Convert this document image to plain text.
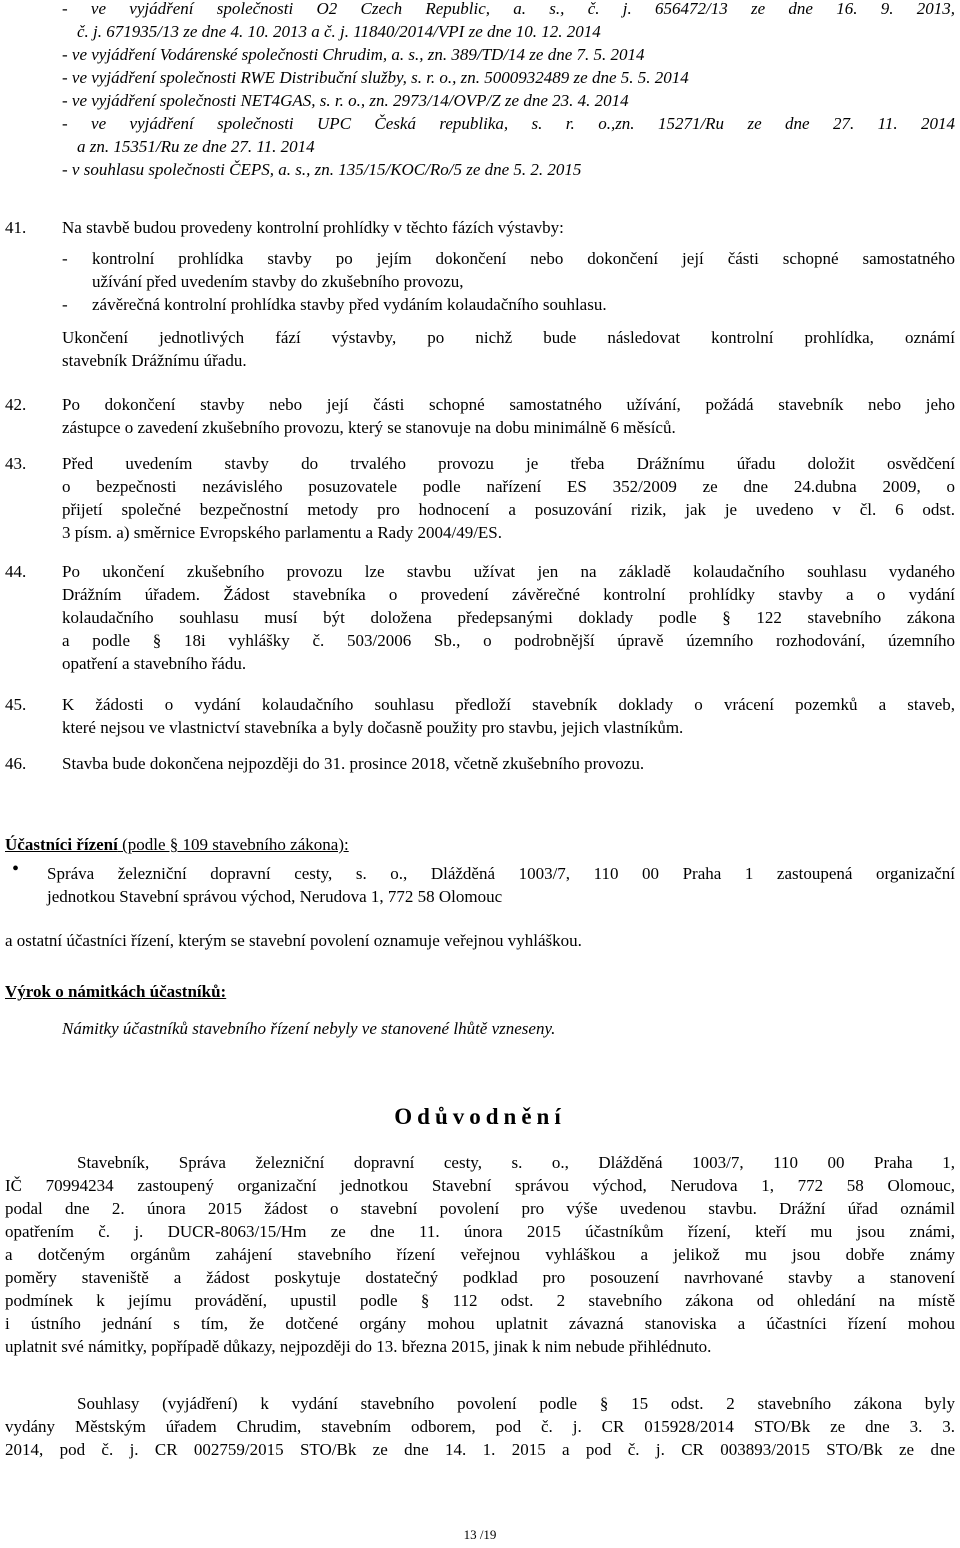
- ve vyjádření společnosti O2 Czech Republic, a. s., č. j. 656472/13 ze dne 16. 9. 2013,
č. j. 671935/13 ze dne 4. 10. 2013 a č. j. 11840/2014/VPI ze dne 10. 12. 2014
- ve vyjádření Vodárenské společnosti Chrudim, a. s., zn. 389/TD/14 ze dne 7. 5. 2014
- ve vyjádření společnosti RWE Distribuční služby, s. r. o., zn. 5000932489 ze dne 5. 5. 2014
- ve vyjádření společnosti NET4GAS, s. r. o., zn. 2973/14/OVP/Z ze dne 23. 4. 2014
- ve vyjádření společnosti UPC Česká republika, s. r. o.,zn. 15271/Ru ze dne 27. 11. 2014
a zn. 15351/Ru ze dne 27. 11. 2014
- v souhlasu společnosti ČEPS, a. s., zn. 135/15/KOC/Ro/5 ze dne 5. 2. 2015
41. Na stavbě budou provedeny kontrolní prohlídky v těchto fázích výstavby:
- kontrolní prohlídka stavby po jejím dokončení nebo dokončení její části schopné samostatného
užívání před uvedením stavby do zkušebního provozu,
- závěrečná kontrolní prohlídka stavby před vydáním kolaudačního souhlasu.
Ukončení jednotlivých fází výstavby, po nichž bude následovat kontrolní prohlídka, oznámí
stavebník Drážnímu úřadu.
42. Po dokončení stavby nebo její části schopné samostatného užívání, požádá stavebník nebo jeho
zástupce o zavedení zkušebního provozu, který se stanovuje na dobu minimálně 6 měsíců.
43. Před uvedením stavby do trvalého provozu je třeba Drážnímu úřadu doložit osvědčení
o bezpečnosti nezávislého posuzovatele podle nařízení ES 352/2009 ze dne 24.dubna 2009, o
přijetí společné bezpečnostní metody pro hodnocení a posuzování rizik, jak je uvedeno v čl. 6 odst.
3 písm. a) směrnice Evropského parlamentu a Rady 2004/49/ES.
44. Po ukončení zkušebního provozu lze stavbu užívat jen na základě kolaudačního souhlasu vydaného
Drážním úřadem. Žádost stavebníka o provedení závěrečné kontrolní prohlídky stavby a o vydání
kolaudačního souhlasu musí být doložena předepsanými doklady podle § 122 stavebního zákona
a podle § 18i vyhlášky č. 503/2006 Sb., o podrobnější úpravě územního rozhodování, územního
opatření a stavebního řádu.
45. K žádosti o vydání kolaudačního souhlasu předloží stavebník doklady o vrácení pozemků a staveb,
které nejsou ve vlastnictví stavebníka a byly dočasně použity pro stavbu, jejich vlastníkům.
46. Stavba bude dokončena nejpozději do 31. prosince 2018, včetně zkušebního provozu.
Účastníci řízení (podle § 109 stavebního zákona):
• Správa železniční dopravní cesty, s. o., Dlážděná 1003/7, 110 00 Praha 1 zastoupená organizační
jednotkou Stavební správou východ, Nerudova 1, 772 58 Olomouc
a ostatní účastníci řízení, kterým se stavební povolení oznamuje veřejnou vyhláškou.
Výrok o námitkách účastníků:
Námitky účastníků stavebního řízení nebyly ve stanovené lhůtě vzneseny.
Odůvodnění
Stavebník, Správa železniční dopravní cesty, s. o., Dlážděná 1003/7, 110 00 Praha 1,
IČ 70994234 zastoupený organizační jednotkou Stavební správou východ, Nerudova 1, 772 58 Olomouc,
podal dne 2. února 2015 žádost o stavební povolení pro výše uvedenou stavbu. Drážní úřad oznámil
opatřením č. j. DUCR-8063/15/Hm ze dne 11. února 2015 účastníkům řízení, kteří mu jsou známi,
a dotčeným orgánům zahájení stavebního řízení veřejnou vyhláškou a jelikož mu jsou dobře známy
poměry staveniště a žádost poskytuje dostatečný podklad pro posouzení navrhované stavby a stanovení
podmínek k jejímu provádění, upustil podle § 112 odst. 2 stavebního zákona od ohledání na místě
i ústního jednání s tím, že dotčené orgány mohou uplatnit závazná stanoviska a účastníci řízení mohou
uplatnit své námitky, popřípadě důkazy, nejpozději do 13. března 2015, jinak k nim nebude přihlédnuto.
Souhlasy (vyjádření) k vydání stavebního povolení podle § 15 odst. 2 stavebního zákona byly
vydány Městským úřadem Chrudim, stavebním odborem, pod č. j. CR 015928/2014 STO/Bk ze dne 3. 3.
2014, pod č. j. CR 002759/2015 STO/Bk ze dne 14. 1. 2015 a pod č. j. CR 003893/2015 STO/Bk ze dne
13 /19
